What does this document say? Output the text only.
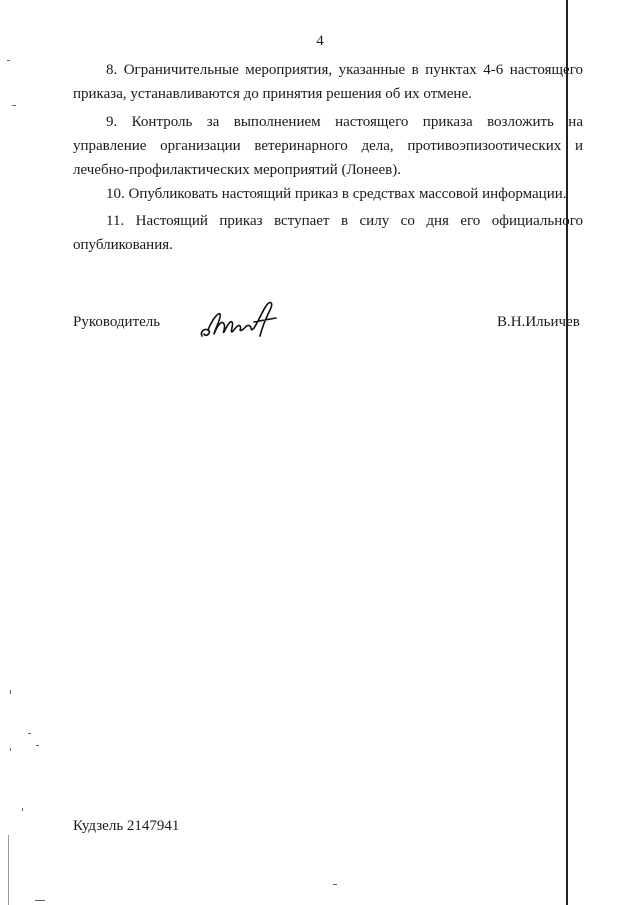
4

8. Ограничительные мероприятия, указанные в пунктах 4-6 настоящего приказа, устанавливаются до принятия решения об их отмене.

9. Контроль за выполнением настоящего приказа возложить на управление организации ветеринарного дела, противоэпизоотических и лечебно-профилактических мероприятий (Лонеев).

10. Опубликовать настоящий приказ в средствах массовой информации.

11. Настоящий приказ вступает в силу со дня его официального опубликования.

Руководитель	В.Н.Ильичев
Кудзель 2147941
